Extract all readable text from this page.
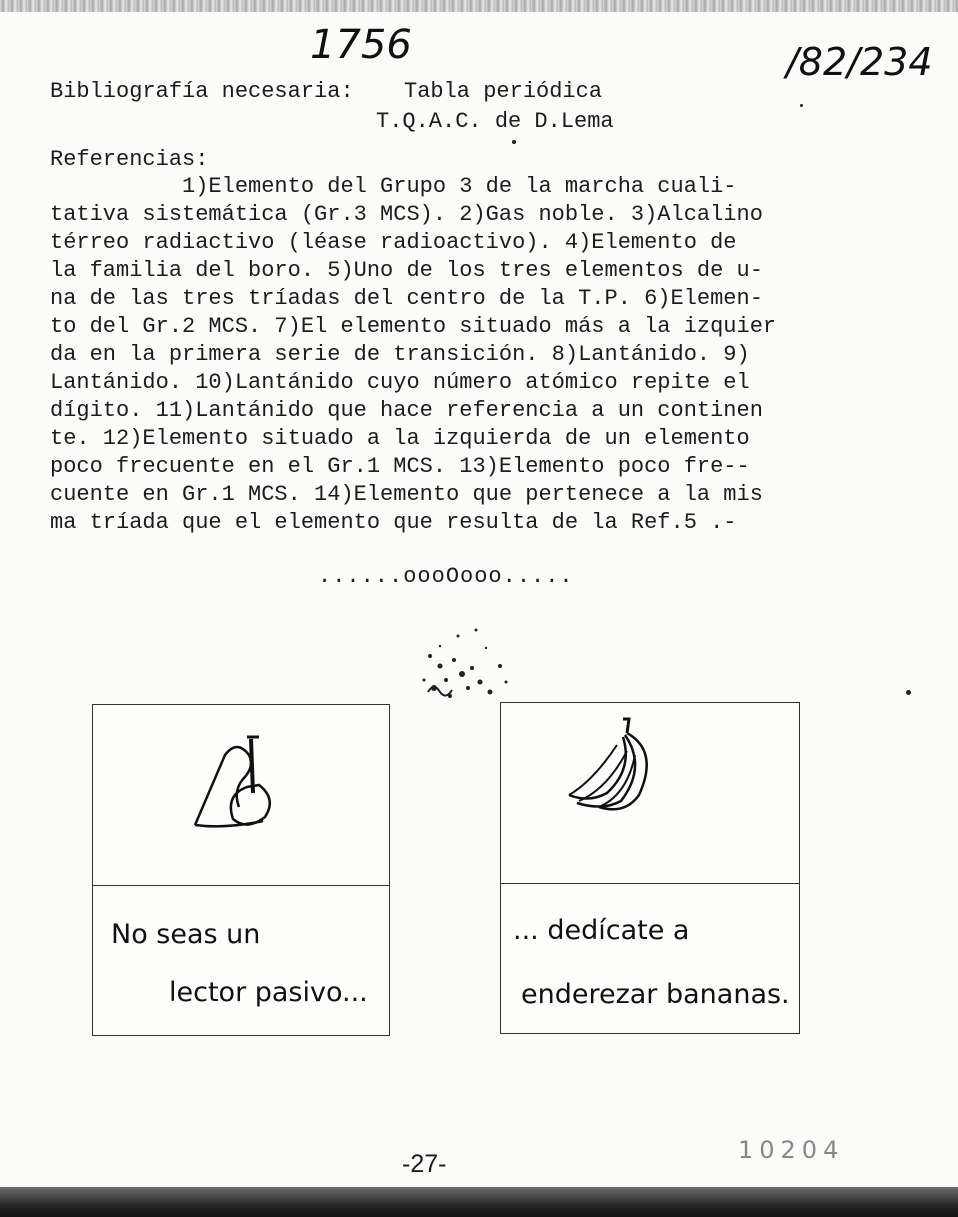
1756	/82/234
Bibliografía necesaria: Tabla periódica
T.Q.A.C. de D.Lema
Referencias:
1)Elemento del Grupo 3 de la marcha cuali-
tativa sistemática (Gr.3 MCS). 2)Gas noble. 3)Alcalino
térreo radiactivo (léase radioactivo). 4)Elemento de
la familia del boro. 5)Uno de los tres elementos de u-
na de las tres tríadas del centro de la T.P. 6)Elemen-
to del Gr.2 MCS. 7)El elemento situado más a la izquier
da en la primera serie de transición. 8)Lantánido. 9)
Lantánido. 10)Lantánido cuyo número atómico repite el
dígito. 11)Lantánido que hace referencia a un continen
te. 12)Elemento situado a la izquierda de un elemento
poco frecuente en el Gr.1 MCS. 13)Elemento poco fre--
cuente en Gr.1 MCS. 14)Elemento que pertenece a la mis
ma tríada que el elemento que resulta de la Ref.5 .-
......oooOooo.....
No seas un
lector pasivo...
... dedícate a
enderezar bananas.
-27-	10204
